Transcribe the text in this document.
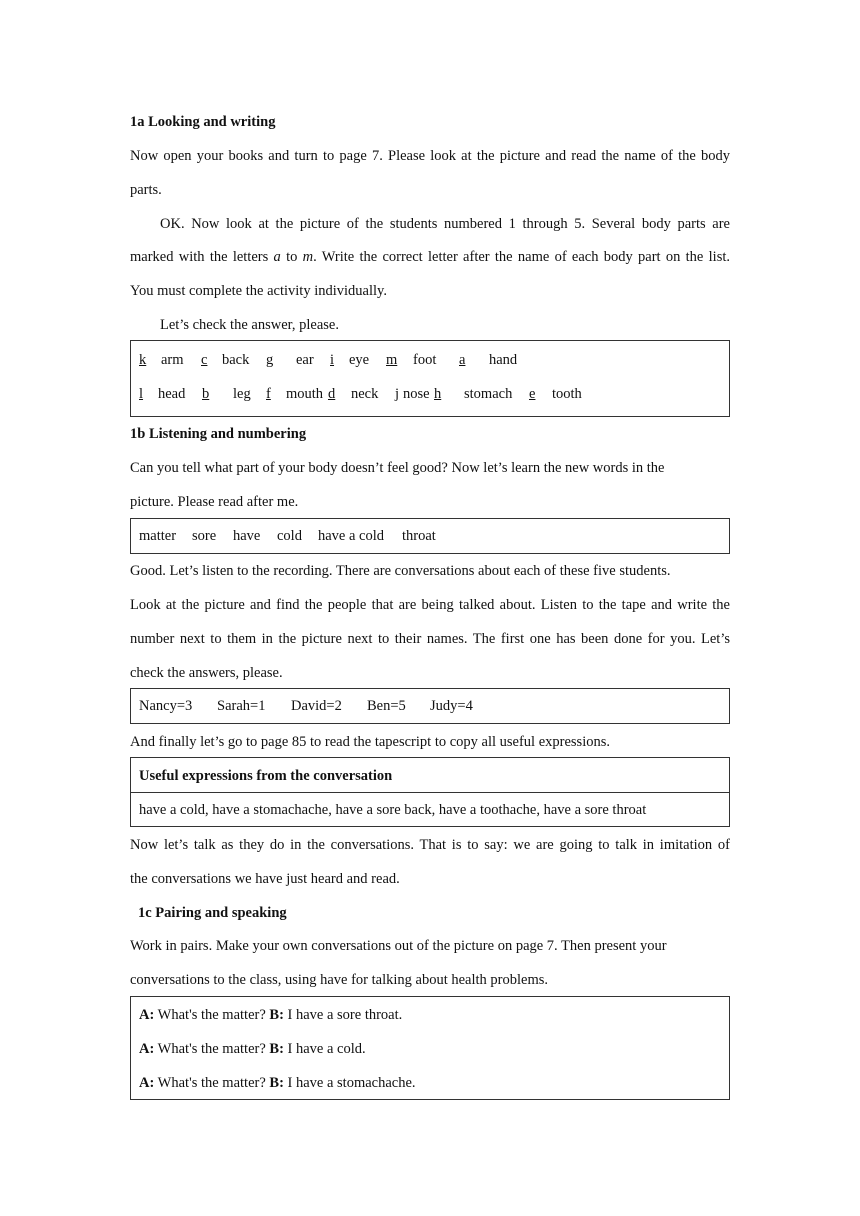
1a Looking and writing
Now open your books and turn to page 7. Please look at the picture and read the name of the body
parts.
OK. Now look at the picture of the students numbered 1 through 5. Several body parts are
marked with the letters a to m. Write the correct letter after the name of each body part on the list.
You must complete the activity individually.
Let’s check the answer, please.
k arm c back g ear i eye m foot a hand
l head b leg f mouth d neck j nose h stomach e tooth
1b Listening and numbering
Can you tell what part of your body doesn’t feel good? Now let’s learn the new words in the
picture. Please read after me.
matter sore have cold have a cold throat
Good. Let’s listen to the recording. There are conversations about each of these five students.
Look at the picture and find the people that are being talked about. Listen to the tape and write the
number next to them in the picture next to their names. The first one has been done for you. Let’s
check the answers, please.
Nancy=3 Sarah=1 David=2 Ben=5 Judy=4
And finally let’s go to page 85 to read the tapescript to copy all useful expressions.
Useful expressions from the conversation
have a cold, have a stomachache, have a sore back, have a toothache, have a sore throat
Now let’s talk as they do in the conversations. That is to say: we are going to talk in imitation of
the conversations we have just heard and read.
1c Pairing and speaking
Work in pairs. Make your own conversations out of the picture on page 7. Then present your
conversations to the class, using have for talking about health problems.
A: What's the matter? B: I have a sore throat.
A: What's the matter? B: I have a cold.
A: What's the matter? B: I have a stomachache.
